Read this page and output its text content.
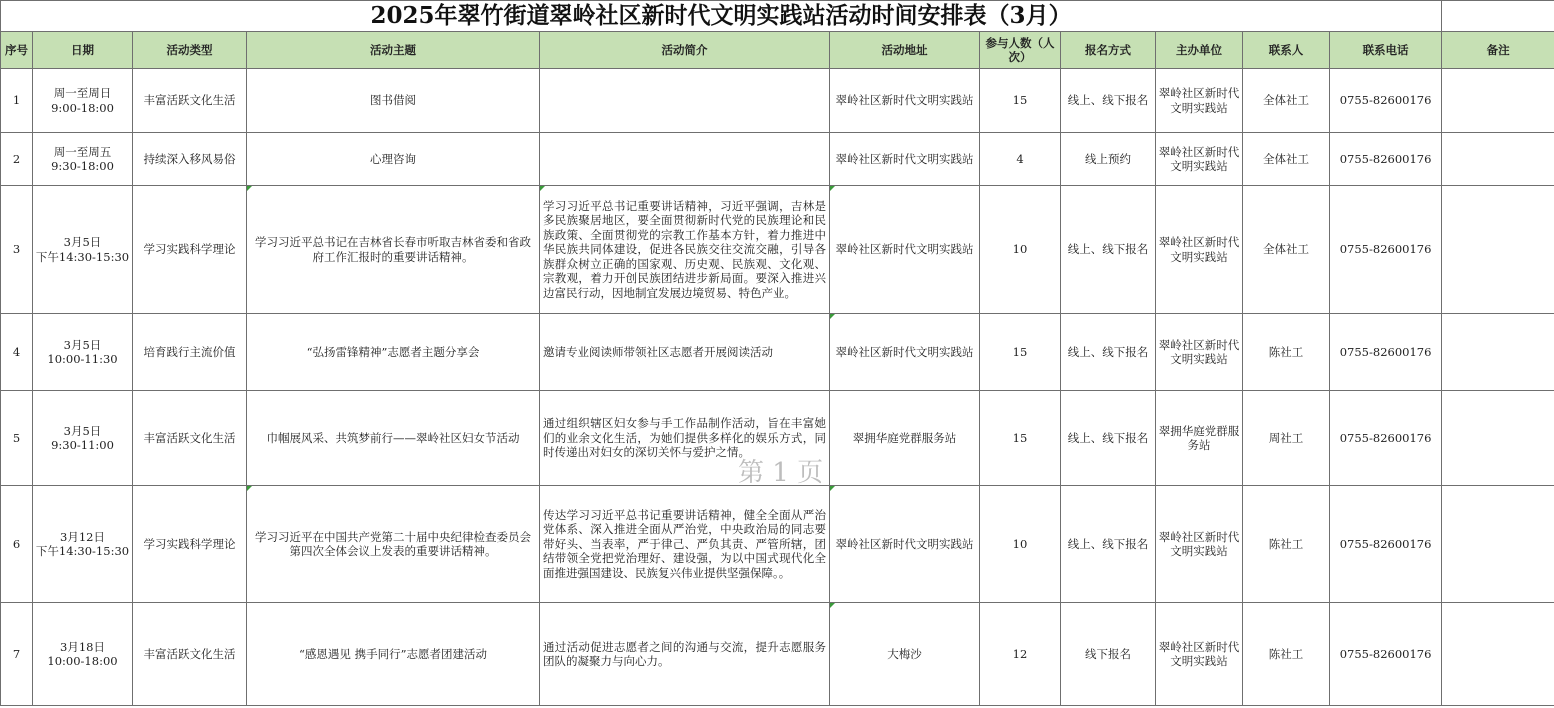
2025年翠竹街道翠岭社区新时代文明实践站活动时间安排表（3月）											
序号	日期	活动类型	活动主题	活动简介	活动地址	参与人数（人次）	报名方式	主办单位	联系人	联系电话	备注
1	周一至周日
9:00-18:00	丰富活跃文化生活	图书借阅		翠岭社区新时代文明实践站	15	线上、线下报名	翠岭社区新时代文明实践站	全体社工	0755-82600176	
2	周一至周五
9:30-18:00	持续深入移风易俗	心理咨询		翠岭社区新时代文明实践站	4	线上预约	翠岭社区新时代文明实践站	全体社工	0755-82600176	
3	3月5日
下午14:30-15:30	学习实践科学理论	学习习近平总书记在吉林省长春市听取吉林省委和省政府工作汇报时的重要讲话精神。	学习习近平总书记重要讲话精神，习近平强调，吉林是多民族聚居地区，要全面贯彻新时代党的民族理论和民族政策、全面贯彻党的宗教工作基本方针，着力推进中华民族共同体建设，促进各民族交往交流交融，引导各族群众树立正确的国家观、历史观、民族观、文化观、宗教观，着力开创民族团结进步新局面。要深入推进兴边富民行动，因地制宜发展边境贸易、特色产业。	翠岭社区新时代文明实践站	10	线上、线下报名	翠岭社区新时代文明实践站	全体社工	0755-82600176	
4	3月5日
10:00-11:30	培育践行主流价值	“弘扬雷锋精神”志愿者主题分享会	邀请专业阅读师带领社区志愿者开展阅读活动	翠岭社区新时代文明实践站	15	线上、线下报名	翠岭社区新时代文明实践站	陈社工	0755-82600176	
5	3月5日
9:30-11:00	丰富活跃文化生活	巾帼展风采、共筑梦前行——翠岭社区妇女节活动	通过组织辖区妇女参与手工作品制作活动，旨在丰富她们的业余文化生活，为她们提供多样化的娱乐方式，同时传递出对妇女的深切关怀与爱护之情。	翠拥华庭党群服务站	15	线上、线下报名	翠拥华庭党群服务站	周社工	0755-82600176	
6	3月12日
下午14:30-15:30	学习实践科学理论	学习习近平在中国共产党第二十届中央纪律检查委员会第四次全体会议上发表的重要讲话精神。	传达学习习近平总书记重要讲话精神，健全全面从严治党体系、深入推进全面从严治党，中央政治局的同志要带好头、当表率，严于律己、严负其责、严管所辖，团结带领全党把党治理好、建设强，为以中国式现代化全面推进强国建设、民族复兴伟业提供坚强保障。。	翠岭社区新时代文明实践站	10	线上、线下报名	翠岭社区新时代文明实践站	陈社工	0755-82600176	
7	3月18日
10:00-18:00	丰富活跃文化生活	“感恩遇见 携手同行”志愿者团建活动	通过活动促进志愿者之间的沟通与交流，提升志愿服务团队的凝聚力与向心力。	大梅沙	12	线下报名	翠岭社区新时代文明实践站	陈社工	0755-82600176	
第 1 页
